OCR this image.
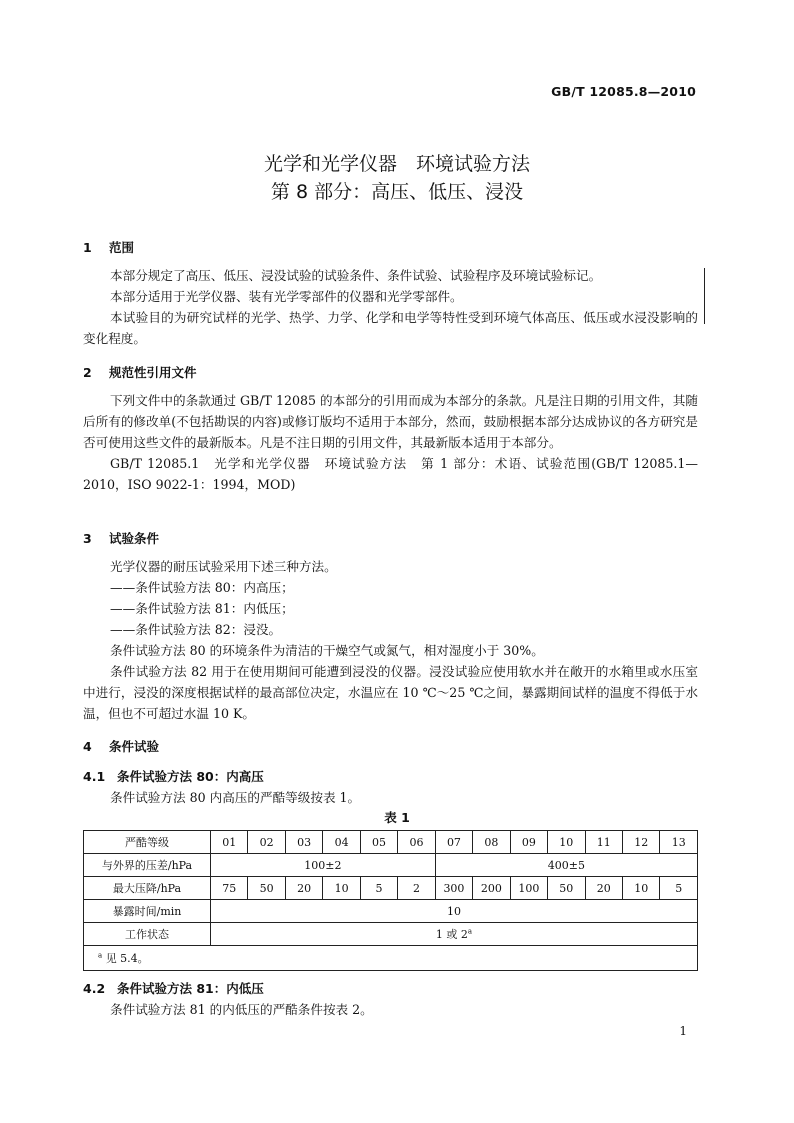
GB/T 12085.8—2010
光学和光学仪器　环境试验方法
第 8 部分：高压、低压、浸没
1 范围
本部分规定了高压、低压、浸没试验的试验条件、条件试验、试验程序及环境试验标记。
本部分适用于光学仪器、装有光学零部件的仪器和光学零部件。
本试验目的为研究试样的光学、热学、力学、化学和电学等特性受到环境气体高压、低压或水浸没影响的变化程度。
2 规范性引用文件
下列文件中的条款通过 GB/T 12085 的本部分的引用而成为本部分的条款。凡是注日期的引用文件，其随后所有的修改单(不包括勘误的内容)或修订版均不适用于本部分，然而，鼓励根据本部分达成协议的各方研究是否可使用这些文件的最新版本。凡是不注日期的引用文件，其最新版本适用于本部分。
GB/T 12085.1　光学和光学仪器　环境试验方法　第 1 部分：术语、试验范围(GB/T 12085.1—2010，ISO 9022-1：1994，MOD)
3 试验条件
光学仪器的耐压试验采用下述三种方法。
——条件试验方法 80：内高压；
——条件试验方法 81：内低压；
——条件试验方法 82：浸没。
条件试验方法 80 的环境条件为清洁的干燥空气或氮气，相对湿度小于 30%。
条件试验方法 82 用于在使用期间可能遭到浸没的仪器。浸没试验应使用软水并在敞开的水箱里或水压室中进行，浸没的深度根据试样的最高部位决定，水温应在 10 ℃～25 ℃之间，暴露期间试样的温度不得低于水温，但也不可超过水温 10 K。
4 条件试验
4.1 条件试验方法 80：内高压
条件试验方法 80 内高压的严酷等级按表 1。
表 1
严酷等级	01	02	03	04	05	06	07	08	09	10	11	12	13
与外界的压差/hPa	100±2						400±5						
最大压降/hPa	75	50	20	10	5	2	300	200	100	50	20	10	5
暴露时间/min	10												
工作状态	1 或 2$^a$
$^a$ 见 5.4。													
4.2 条件试验方法 81：内低压
条件试验方法 81 的内低压的严酷条件按表 2。
1
